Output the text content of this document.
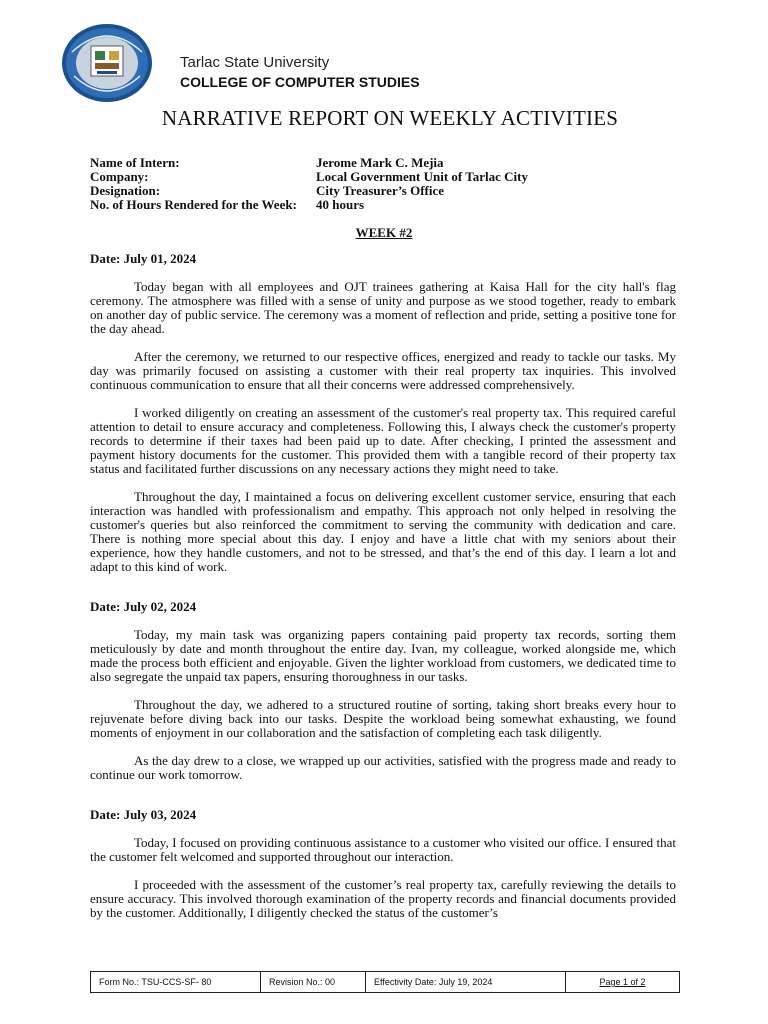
Tarlac State University
COLLEGE OF COMPUTER STUDIES
NARRATIVE REPORT ON WEEKLY ACTIVITIES
Name of Intern:	Jerome Mark C. Mejia
Company:	Local Government Unit of Tarlac City
Designation:	City Treasurer’s Office
No. of Hours Rendered for the Week:	40 hours
WEEK #2

Date: July 01, 2024

Today began with all employees and OJT trainees gathering at Kaisa Hall for the city hall's flag ceremony. The atmosphere was filled with a sense of unity and purpose as we stood together, ready to embark on another day of public service. The ceremony was a moment of reflection and pride, setting a positive tone for the day ahead.

After the ceremony, we returned to our respective offices, energized and ready to tackle our tasks. My day was primarily focused on assisting a customer with their real property tax inquiries. This involved continuous communication to ensure that all their concerns were addressed comprehensively.

I worked diligently on creating an assessment of the customer's real property tax. This required careful attention to detail to ensure accuracy and completeness. Following this, I always check the customer's property records to determine if their taxes had been paid up to date. After checking, I printed the assessment and payment history documents for the customer. This provided them with a tangible record of their property tax status and facilitated further discussions on any necessary actions they might need to take.

Throughout the day, I maintained a focus on delivering excellent customer service, ensuring that each interaction was handled with professionalism and empathy. This approach not only helped in resolving the customer's queries but also reinforced the commitment to serving the community with dedication and care. There is nothing more special about this day. I enjoy and have a little chat with my seniors about their experience, how they handle customers, and not to be stressed, and that’s the end of this day. I learn a lot and adapt to this kind of work.

Date: July 02, 2024

Today, my main task was organizing papers containing paid property tax records, sorting them meticulously by date and month throughout the entire day. Ivan, my colleague, worked alongside me, which made the process both efficient and enjoyable. Given the lighter workload from customers, we dedicated time to also segregate the unpaid tax papers, ensuring thoroughness in our tasks.

Throughout the day, we adhered to a structured routine of sorting, taking short breaks every hour to rejuvenate before diving back into our tasks. Despite the workload being somewhat exhausting, we found moments of enjoyment in our collaboration and the satisfaction of completing each task diligently.

As the day drew to a close, we wrapped up our activities, satisfied with the progress made and ready to continue our work tomorrow.

Date: July 03, 2024

Today, I focused on providing continuous assistance to a customer who visited our office. I ensured that the customer felt welcomed and supported throughout our interaction.

I proceeded with the assessment of the customer’s real property tax, carefully reviewing the details to ensure accuracy. This involved thorough examination of the property records and financial documents provided by the customer. Additionally, I diligently checked the status of the customer’s

Form No.: TSU-CCS-SF- 80	Revision No.: 00	Effectivity Date: July 19, 2024	Page 1 of 2
